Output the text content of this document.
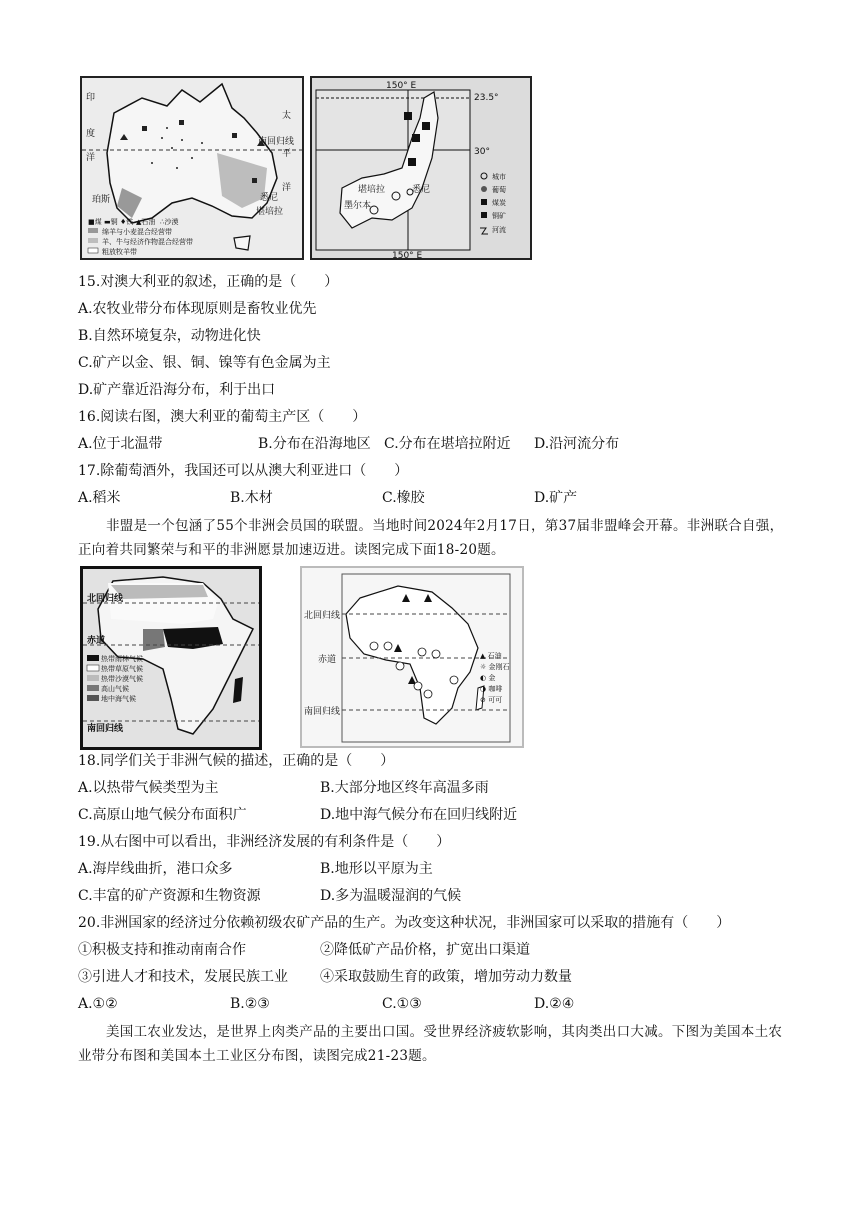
印
度
洋
太
平
洋
珀斯	悉尼
堪培拉
南回归线
■煤 ▬铜 ♦铁 ▲石油 ∴沙漠
绵羊与小麦混合经营带
羊、牛与经济作物混合经营带
粗放牧羊带
150° E
23.5°
30°
150° E
堪培拉	悉尼
墨尔本
城市
葡萄
煤炭
铜矿
河流
15.对澳大利亚的叙述，正确的是（　　）
A.农牧业带分布体现原则是畜牧业优先
B.自然环境复杂，动物进化快
C.矿产以金、银、铜、镍等有色金属为主
D.矿产靠近沿海分布，利于出口
16.阅读右图，澳大利亚的葡萄主产区（　　）
A.位于北温带	B.分布在沿海地区 C.分布在堪培拉附近 D.沿河流分布
17.除葡萄酒外，我国还可以从澳大利亚进口（　　）
A.稻米	B.木材	C.橡胶	D.矿产
非盟是一个包涵了55个非洲会员国的联盟。当地时间2024年2月17日，第37届非盟峰会开幕。非洲联合自强，正向着共同繁荣与和平的非洲愿景加速迈进。读图完成下面18-20题。
北回归线
赤道
南回归线
热带雨林气候
热带草原气候
热带沙漠气候
高山气候
地中海气候
北回归线
赤道
南回归线
▲ 石油
☼ 金刚石
◐ 金
◑ 咖啡
⊘ 可可
18.同学们关于非洲气候的描述，正确的是（　　）
A.以热带气候类型为主	B.大部分地区终年高温多雨
C.高原山地气候分布面积广	D.地中海气候分布在回归线附近
19.从右图中可以看出，非洲经济发展的有利条件是（　　）
A.海岸线曲折，港口众多	B.地形以平原为主
C.丰富的矿产资源和生物资源	D.多为温暖湿润的气候
20.非洲国家的经济过分依赖初级农矿产品的生产。为改变这种状况，非洲国家可以采取的措施有（　　）
①积极支持和推动南南合作	②降低矿产品价格，扩宽出口渠道
③引进人才和技术，发展民族工业 ④采取鼓励生育的政策，增加劳动力数量
A.①②	B.②③	C.①③	D.②④
美国工农业发达，是世界上肉类产品的主要出口国。受世界经济疲软影响，其肉类出口大减。下图为美国本土农业带分布图和美国本土工业区分布图，读图完成21-23题。
